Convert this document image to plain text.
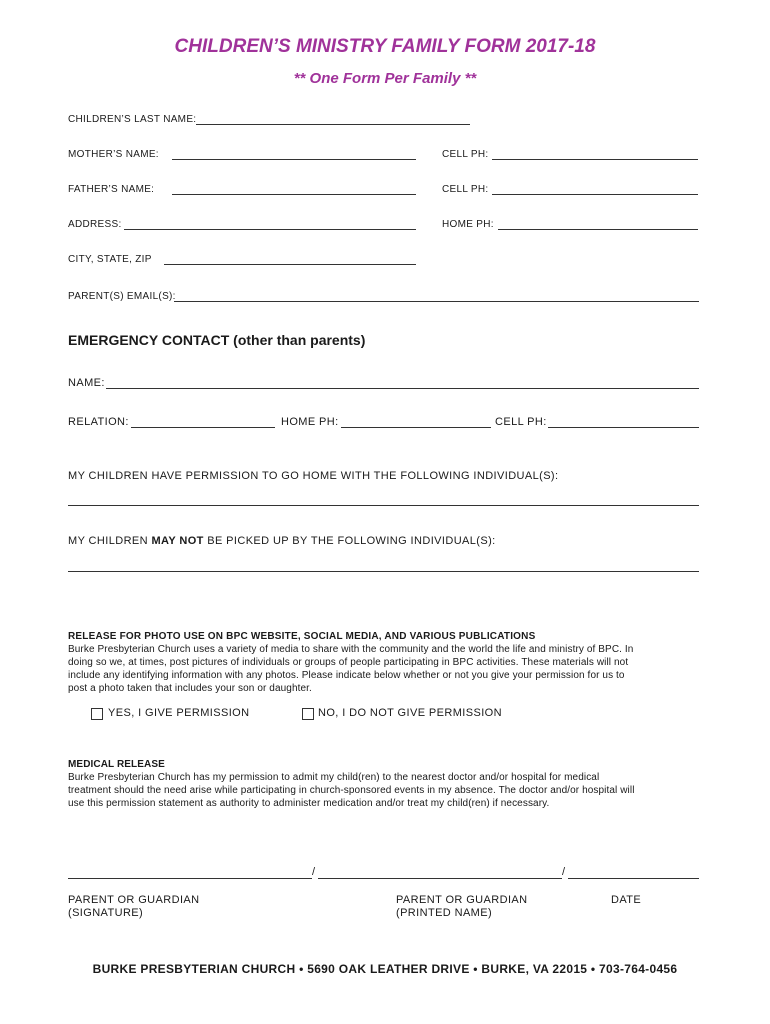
CHILDREN’S MINISTRY FAMILY FORM 2017-18
** One Form Per Family **
CHILDREN’S LAST NAME:
MOTHER’S NAME:	CELL PH:
FATHER’S NAME:	CELL PH:
ADDRESS:	HOME PH:
CITY, STATE, ZIP
PARENT(S) EMAIL(S):
EMERGENCY CONTACT (other than parents)
NAME:
RELATION:	HOME PH:	CELL PH:
MY CHILDREN HAVE PERMISSION TO GO HOME WITH THE FOLLOWING INDIVIDUAL(S):
MY CHILDREN MAY NOT BE PICKED UP BY THE FOLLOWING INDIVIDUAL(S):
RELEASE FOR PHOTO USE ON BPC WEBSITE, SOCIAL MEDIA, AND VARIOUS PUBLICATIONS
Burke Presbyterian Church uses a variety of media to share with the community and the world the life and ministry of BPC. In
doing so we, at times, post pictures of individuals or groups of people participating in BPC activities. These materials will not
include any identifying information with any photos. Please indicate below whether or not you give your permission for us to
post a photo taken that includes your son or daughter.
YES, I GIVE PERMISSION	NO, I DO NOT GIVE PERMISSION
MEDICAL RELEASE
Burke Presbyterian Church has my permission to admit my child(ren) to the nearest doctor and/or hospital for medical
treatment should the need arise while participating in church-sponsored events in my absence. The doctor and/or hospital will
use this permission statement as authority to administer medication and/or treat my child(ren) if necessary.
/	/
PARENT OR GUARDIAN
(SIGNATURE)
PARENT OR GUARDIAN
(PRINTED NAME)
DATE
BURKE PRESBYTERIAN CHURCH • 5690 OAK LEATHER DRIVE • BURKE, VA 22015 • 703-764-0456
